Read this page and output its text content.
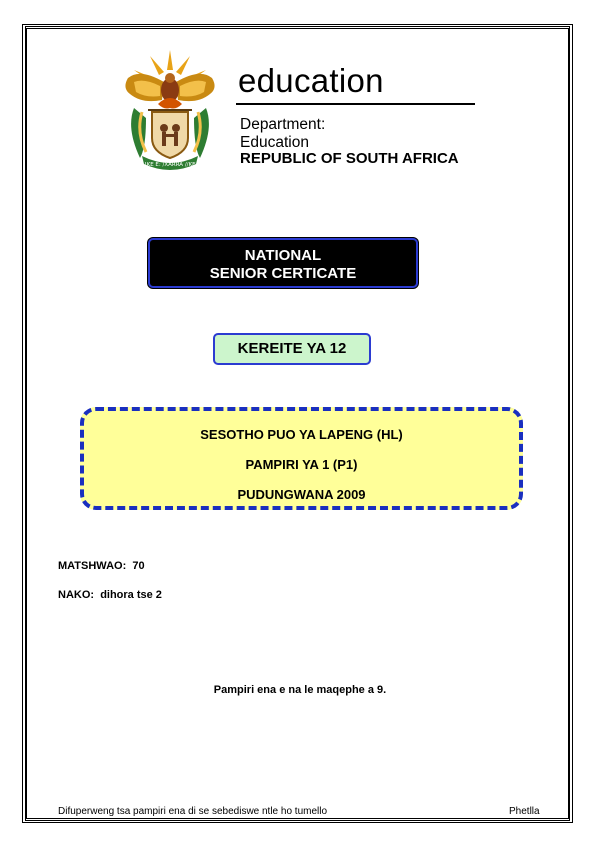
!KE E: /XARRA //KE
education
Department:
Education
REPUBLIC OF SOUTH AFRICA
NATIONAL
SENIOR CERTICATE
KEREITE YA 12
SESOTHO PUO YA LAPENG (HL)
PAMPIRI YA 1 (P1)
PUDUNGWANA 2009
MATSHWAO: 70
NAKO: dihora tse 2
Pampiri ena e na le maqephe a 9.
Difuperweng tsa pampiri ena di se sebediswe ntle ho tumello	Phetlla
